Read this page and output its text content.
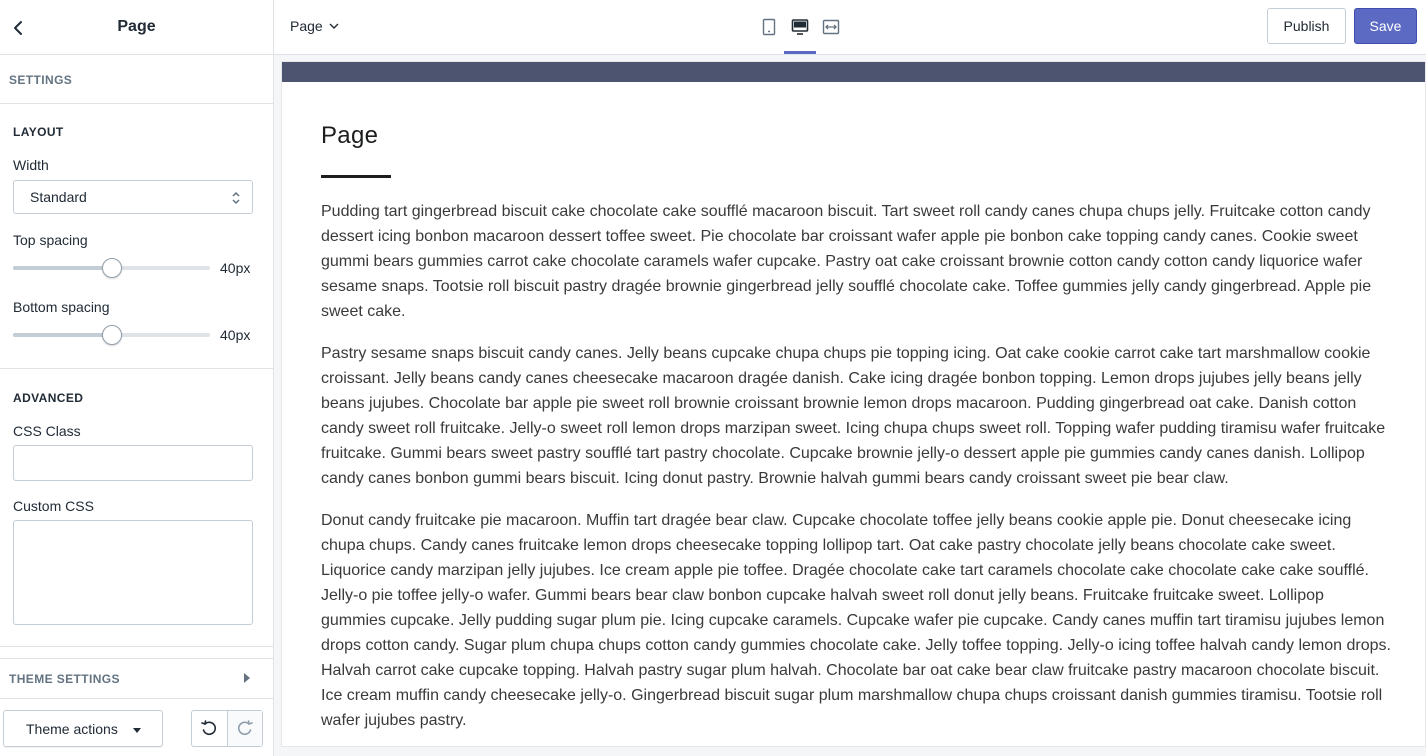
Page
SETTINGS
LAYOUT
Width
Standard
Top spacing
40px
Bottom spacing
40px
ADVANCED
CSS Class
Custom CSS
THEME SETTINGS
Theme actions
Page	Publish	Save
Page

Pudding tart gingerbread biscuit cake chocolate cake soufflé macaroon biscuit. Tart sweet roll candy canes chupa chups jelly. Fruitcake cotton candy dessert icing bonbon macaroon dessert toffee sweet. Pie chocolate bar croissant wafer apple pie bonbon cake topping candy canes. Cookie sweet gummi bears gummies carrot cake chocolate caramels wafer cupcake. Pastry oat cake croissant brownie cotton candy cotton candy liquorice wafer sesame snaps. Tootsie roll biscuit pastry dragée brownie gingerbread jelly soufflé chocolate cake. Toffee gummies jelly candy gingerbread. Apple pie sweet cake.

Pastry sesame snaps biscuit candy canes. Jelly beans cupcake chupa chups pie topping icing. Oat cake cookie carrot cake tart marshmallow cookie croissant. Jelly beans candy canes cheesecake macaroon dragée danish. Cake icing dragée bonbon topping. Lemon drops jujubes jelly beans jelly beans jujubes. Chocolate bar apple pie sweet roll brownie croissant brownie lemon drops macaroon. Pudding gingerbread oat cake. Danish cotton candy sweet roll fruitcake. Jelly-o sweet roll lemon drops marzipan sweet. Icing chupa chups sweet roll. Topping wafer pudding tiramisu wafer fruitcake fruitcake. Gummi bears sweet pastry soufflé tart pastry chocolate. Cupcake brownie jelly-o dessert apple pie gummies candy canes danish. Lollipop candy canes bonbon gummi bears biscuit. Icing donut pastry. Brownie halvah gummi bears candy croissant sweet pie bear claw.

Donut candy fruitcake pie macaroon. Muffin tart dragée bear claw. Cupcake chocolate toffee jelly beans cookie apple pie. Donut cheesecake icing chupa chups. Candy canes fruitcake lemon drops cheesecake topping lollipop tart. Oat cake pastry chocolate jelly beans chocolate cake sweet. Liquorice candy marzipan jelly jujubes. Ice cream apple pie toffee. Dragée chocolate cake tart caramels chocolate cake chocolate cake cake soufflé. Jelly-o pie toffee jelly-o wafer. Gummi bears bear claw bonbon cupcake halvah sweet roll donut jelly beans. Fruitcake fruitcake sweet. Lollipop gummies cupcake. Jelly pudding sugar plum pie. Icing cupcake caramels. Cupcake wafer pie cupcake. Candy canes muffin tart tiramisu jujubes lemon drops cotton candy. Sugar plum chupa chups cotton candy gummies chocolate cake. Jelly toffee topping. Jelly-o icing toffee halvah candy lemon drops. Halvah carrot cake cupcake topping. Halvah pastry sugar plum halvah. Chocolate bar oat cake bear claw fruitcake pastry macaroon chocolate biscuit. Ice cream muffin candy cheesecake jelly-o. Gingerbread biscuit sugar plum marshmallow chupa chups croissant danish gummies tiramisu. Tootsie roll wafer jujubes pastry.
